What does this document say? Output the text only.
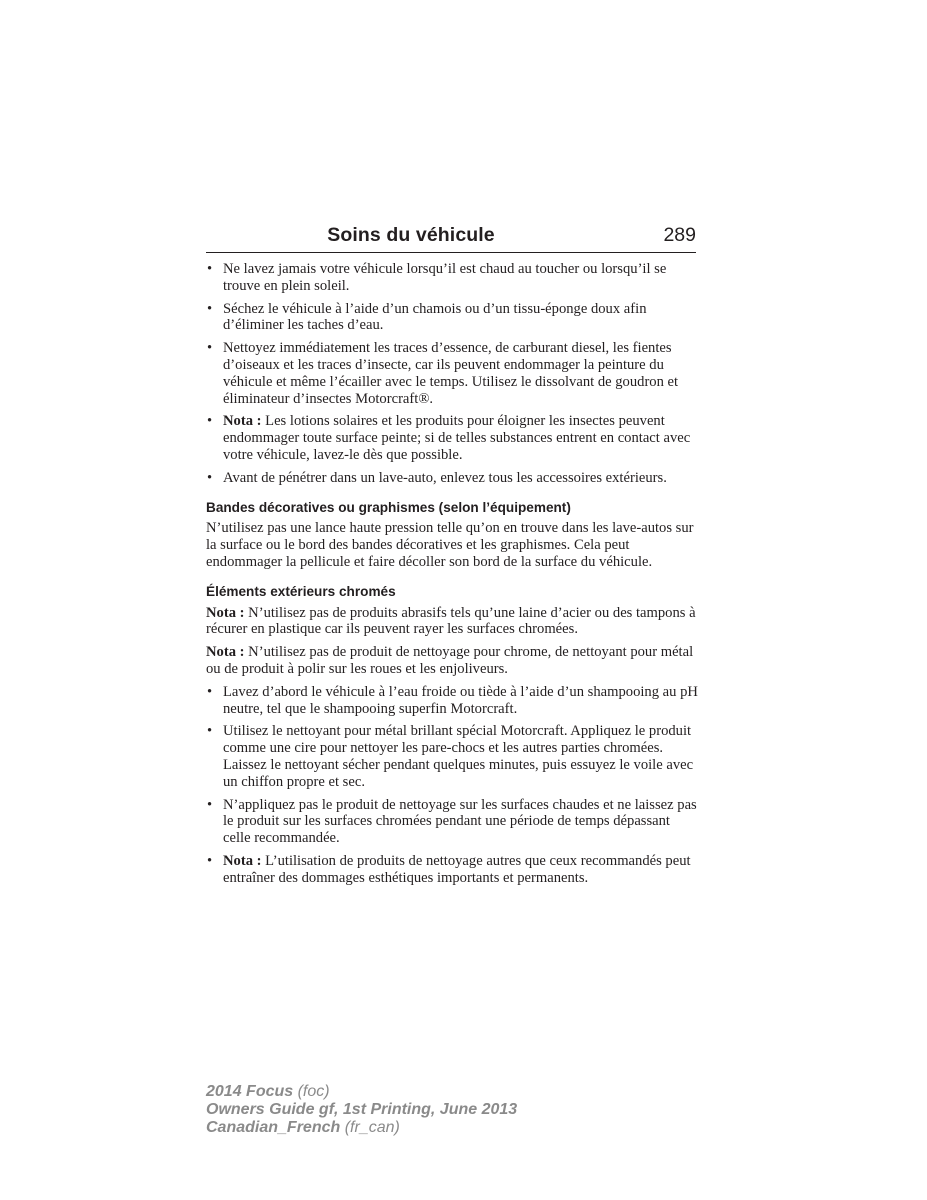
Soins du véhicule	289
• Ne lavez jamais votre véhicule lorsqu’il est chaud au toucher ou lorsqu’il se trouve en plein soleil.
• Séchez le véhicule à l’aide d’un chamois ou d’un tissu-éponge doux afin d’éliminer les taches d’eau.
• Nettoyez immédiatement les traces d’essence, de carburant diesel, les fientes d’oiseaux et les traces d’insecte, car ils peuvent endommager la peinture du véhicule et même l’écailler avec le temps. Utilisez le dissolvant de goudron et éliminateur d’insectes Motorcraft®.
• Nota : Les lotions solaires et les produits pour éloigner les insectes peuvent endommager toute surface peinte; si de telles substances entrent en contact avec votre véhicule, lavez-le dès que possible.
• Avant de pénétrer dans un lave-auto, enlevez tous les accessoires extérieurs.
Bandes décoratives ou graphismes (selon l’équipement)
N’utilisez pas une lance haute pression telle qu’on en trouve dans les lave-autos sur la surface ou le bord des bandes décoratives et les graphismes. Cela peut endommager la pellicule et faire décoller son bord de la surface du véhicule.
Éléments extérieurs chromés
Nota : N’utilisez pas de produits abrasifs tels qu’une laine d’acier ou des tampons à récurer en plastique car ils peuvent rayer les surfaces chromées.
Nota : N’utilisez pas de produit de nettoyage pour chrome, de nettoyant pour métal ou de produit à polir sur les roues et les enjoliveurs.
• Lavez d’abord le véhicule à l’eau froide ou tiède à l’aide d’un shampooing au pH neutre, tel que le shampooing superfin Motorcraft.
• Utilisez le nettoyant pour métal brillant spécial Motorcraft. Appliquez le produit comme une cire pour nettoyer les pare-chocs et les autres parties chromées. Laissez le nettoyant sécher pendant quelques minutes, puis essuyez le voile avec un chiffon propre et sec.
• N’appliquez pas le produit de nettoyage sur les surfaces chaudes et ne laissez pas le produit sur les surfaces chromées pendant une période de temps dépassant celle recommandée.
• Nota : L’utilisation de produits de nettoyage autres que ceux recommandés peut entraîner des dommages esthétiques importants et permanents.
2014 Focus (foc)
Owners Guide gf, 1st Printing, June 2013
Canadian_French (fr_can)
